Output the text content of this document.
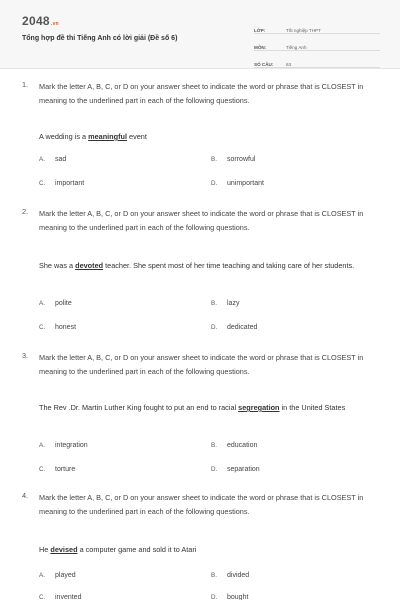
2048.vn
Tổng hợp đề thi Tiếng Anh có lời giải (Đề số 6)
LỚP:	Tốt nghiệp THPT
MÔN:	Tiếng Anh
SỐ CÂU:	63
1. Mark the letter A, B, C, or D on your answer sheet to indicate the word or phrase that is CLOSEST in meaning to the underlined part in each of the following questions.
A wedding is a meaningful event
A. sad	B. sorrowful
C. important	D. unimportant
2. Mark the letter A, B, C, or D on your answer sheet to indicate the word or phrase that is CLOSEST in meaning to the underlined part in each of the following questions.
She was a devoted teacher. She spent most of her time teaching and taking care of her students.
A. polite	B. lazy
C. honest	D. dedicated
3. Mark the letter A, B, C, or D on your answer sheet to indicate the word or phrase that is CLOSEST in meaning to the underlined part in each of the following questions.
The Rev .Dr. Martin Luther King fought to put an end to racial segregation in the United States
A. integration	B. education
C. torture	D. separation
4. Mark the letter A, B, C, or D on your answer sheet to indicate the word or phrase that is CLOSEST in meaning to the underlined part in each of the following questions.
He devised a computer game and sold it to Atari
A. played	B. divided
C. invented	D. bought
